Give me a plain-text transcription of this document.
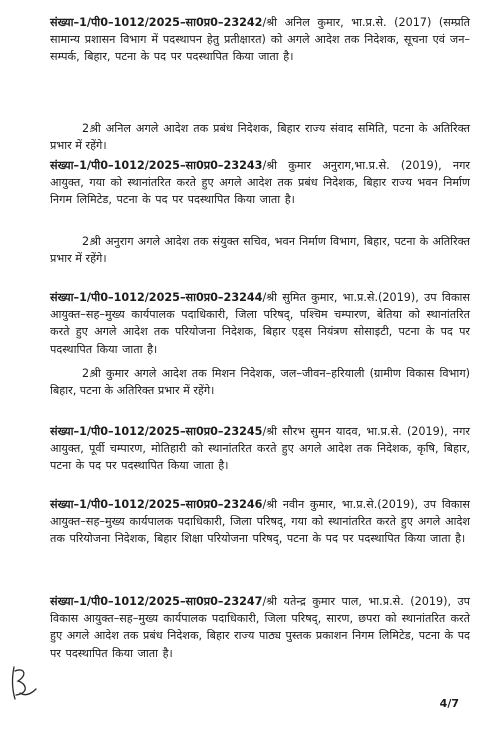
संख्या–1/पी0–1012/2025–सा0प्र0–23242/श्री अनिल कुमार, भा.प्र.से. (2017) (सम्प्रति सामान्य प्रशासन विभाग में पदस्थापन हेतु प्रतीक्षारत) को अगले आदेश तक निदेशक, सूचना एवं जन–सम्पर्क, बिहार, पटना के पद पर पदस्थापित किया जाता है।
2.श्री अनिल अगले आदेश तक प्रबंध निदेशक, बिहार राज्य संवाद समिति, पटना के अतिरिक्त प्रभार में रहेंगे।
संख्या–1/पी0–1012/2025–सा0प्र0–23243/श्री कुमार अनुराग,भा.प्र.से. (2019), नगर आयुक्त, गया को स्थानांतरित करते हुए अगले आदेश तक प्रबंध निदेशक, बिहार राज्य भवन निर्माण निगम लिमिटेड, पटना के पद पर पदस्थापित किया जाता है।
2.श्री अनुराग अगले आदेश तक संयुक्त सचिव, भवन निर्माण विभाग, बिहार, पटना के अतिरिक्त प्रभार में रहेंगे।
संख्या–1/पी0–1012/2025–सा0प्र0–23244/श्री सुमित कुमार, भा.प्र.से.(2019), उप विकास आयुक्त–सह–मुख्य कार्यपालक पदाधिकारी, जिला परिषद्, पश्चिम चम्पारण, बेतिया को स्थानांतरित करते हुए अगले आदेश तक परियोजना निदेशक, बिहार एड्स नियंत्रण सोसाइटी, पटना के पद पर पदस्थापित किया जाता है।
2.श्री कुमार अगले आदेश तक मिशन निदेशक, जल–जीवन–हरियाली (ग्रामीण विकास विभाग) बिहार, पटना के अतिरिक्त प्रभार में रहेंगे।
संख्या–1/पी0–1012/2025–सा0प्र0–23245/श्री सौरभ सुमन यादव, भा.प्र.से. (2019), नगर आयुक्त, पूर्वी चम्पारण, मोतिहारी को स्थानांतरित करते हुए अगले आदेश तक निदेशक, कृषि, बिहार, पटना के पद पर पदस्थापित किया जाता है।
संख्या–1/पी0–1012/2025–सा0प्र0–23246/श्री नवीन कुमार, भा.प्र.से.(2019), उप विकास आयुक्त–सह–मुख्य कार्यपालक पदाधिकारी, जिला परिषद्, गया को स्थानांतरित करते हुए अगले आदेश तक परियोजना निदेशक, बिहार शिक्षा परियोजना परिषद्, पटना के पद पर पदस्थापित किया जाता है।
संख्या–1/पी0–1012/2025–सा0प्र0–23247/श्री यतेन्द्र कुमार पाल, भा.प्र.से. (2019), उप विकास आयुक्त–सह–मुख्य कार्यपालक पदाधिकारी, जिला परिषद्, सारण, छपरा को स्थानांतरित करते हुए अगले आदेश तक प्रबंध निदेशक, बिहार राज्य पाठ्य पुस्तक प्रकाशन निगम लिमिटेड, पटना के पद पर पदस्थापित किया जाता है।
4/7
